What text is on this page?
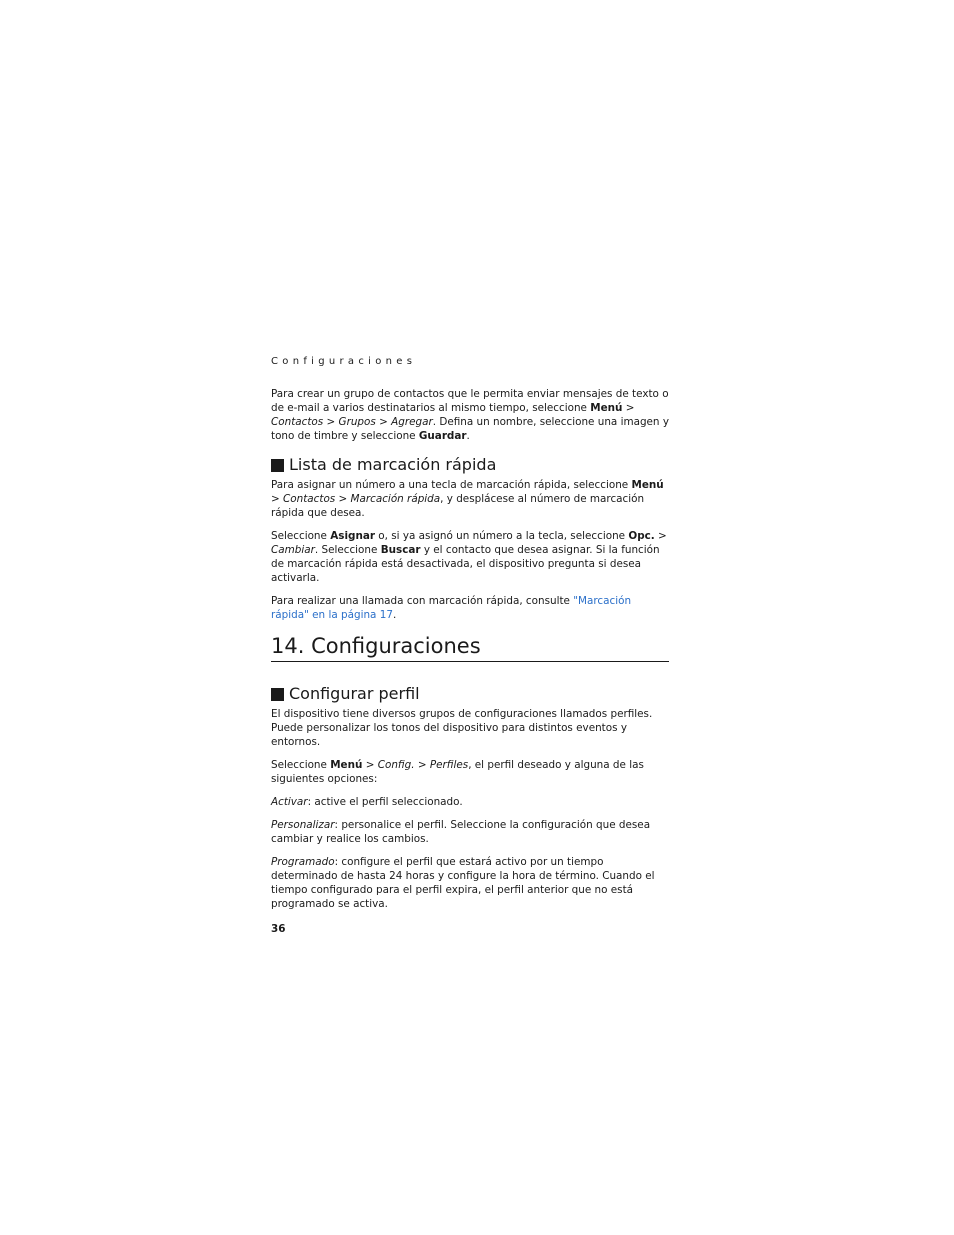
Configuraciones

Para crear un grupo de contactos que le permita enviar mensajes de texto o de e-mail a varios destinatarios al mismo tiempo, seleccione Menú > Contactos > Grupos > Agregar. Defina un nombre, seleccione una imagen y tono de timbre y seleccione Guardar.

Lista de marcación rápida

Para asignar un número a una tecla de marcación rápida, seleccione Menú > Contactos > Marcación rápida, y desplácese al número de marcación rápida que desea.

Seleccione Asignar o, si ya asignó un número a la tecla, seleccione Opc. > Cambiar. Seleccione Buscar y el contacto que desea asignar. Si la función de marcación rápida está desactivada, el dispositivo pregunta si desea activarla.

Para realizar una llamada con marcación rápida, consulte "Marcación rápida" en la página 17.

14. Configuraciones
Configurar perfil

El dispositivo tiene diversos grupos de configuraciones llamados perfiles. Puede personalizar los tonos del dispositivo para distintos eventos y entornos.

Seleccione Menú > Config. > Perfiles, el perfil deseado y alguna de las siguientes opciones:

Activar: active el perfil seleccionado.

Personalizar: personalice el perfil. Seleccione la configuración que desea cambiar y realice los cambios.

Programado: configure el perfil que estará activo por un tiempo determinado de hasta 24 horas y configure la hora de término. Cuando el tiempo configurado para el perfil expira, el perfil anterior que no está programado se activa.

36
